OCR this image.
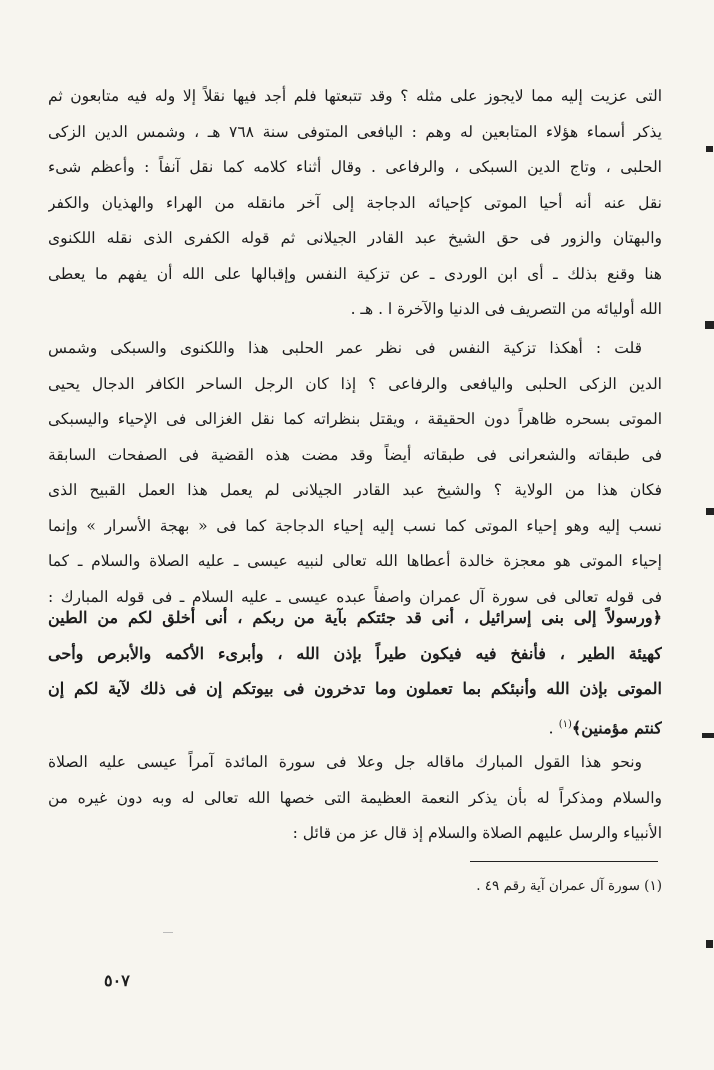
التى عزيت إليه مما لايجوز على مثله ؟ وقد تتبعتها فلم أجد فيها نقلاً إلا وله فيه متابعون ثم
يذكر أسماء هؤلاء المتابعين له وهم : اليافعى المتوفى سنة ٧٦٨ هـ ، وشمس الدين الزكى
الحلبى ، وتاج الدين السبكى ، والرفاعى . وقال أثناء كلامه كما نقل آنفاً : وأعظم شىء
نقل عنه أنه أحيا الموتى كإحيائه الدجاجة إلى آخر مانقله من الهراء والهذيان والكفر
والبهتان والزور فى حق الشيخ عبد القادر الجيلانى ثم قوله الكفرى الذى نقله اللكنوى
هنا وقنع بذلك ـ أى ابن الوردى ـ عن تزكية النفس وإقبالها على الله أن يفهم ما يعطى
الله أوليائه من التصريف فى الدنيا والآخرة ا . هـ .
قلت : أهكذا تزكية النفس فى نظر عمر الحلبى هذا واللكنوى والسبكى وشمس
الدين الزكى الحلبى واليافعى والرفاعى ؟ إذا كان الرجل الساحر الكافر الدجال يحيى
الموتى بسحره ظاهراً دون الحقيقة ، ويقتل بنظراته كما نقل الغزالى فى الإحياء واليسبكى
فى طبقاته والشعرانى فى طبقاته أيضاً وقد مضت هذه القضية فى الصفحات السابقة
فكان هذا من الولاية ؟ والشيخ عبد القادر الجيلانى لم يعمل هذا العمل القبيح الذى
نسب إليه وهو إحياء الموتى كما نسب إليه إحياء الدجاجة كما فى « بهجة الأسرار » وإنما
إحياء الموتى هو معجزة خالدة أعطاها الله تعالى لنبيه عيسى ـ عليه الصلاة والسلام ـ كما
فى قوله تعالى فى سورة آل عمران واصفاً عبده عيسى ـ عليه السلام ـ فى قوله المبارك :
﴿ورسولاً إلى بنى إسرائيل ، أنى قد جئتكم بآية من ربكم ، أنى أخلق لكم من الطين
كهيئة الطير ، فأنفخ فيه فيكون طيراً بإذن الله ، وأبرىء الأكمه والأبرص وأحى
الموتى بإذن الله وأنبئكم بما تعملون وما تدخرون فى بيوتكم إن فى ذلك لآية لكم إن
كنتم مؤمنين﴾$^{(١)}$ .
ونحو هذا القول المبارك ماقاله جل وعلا فى سورة المائدة آمراً عيسى عليه الصلاة
والسلام ومذكراً له بأن يذكر النعمة العظيمة التى خصها الله تعالى له وبه دون غيره من
الأنبياء والرسل عليهم الصلاة والسلام إذ قال عز من قائل :
(١) سورة آل عمران آية رقم ٤٩ .
٥٠٧
